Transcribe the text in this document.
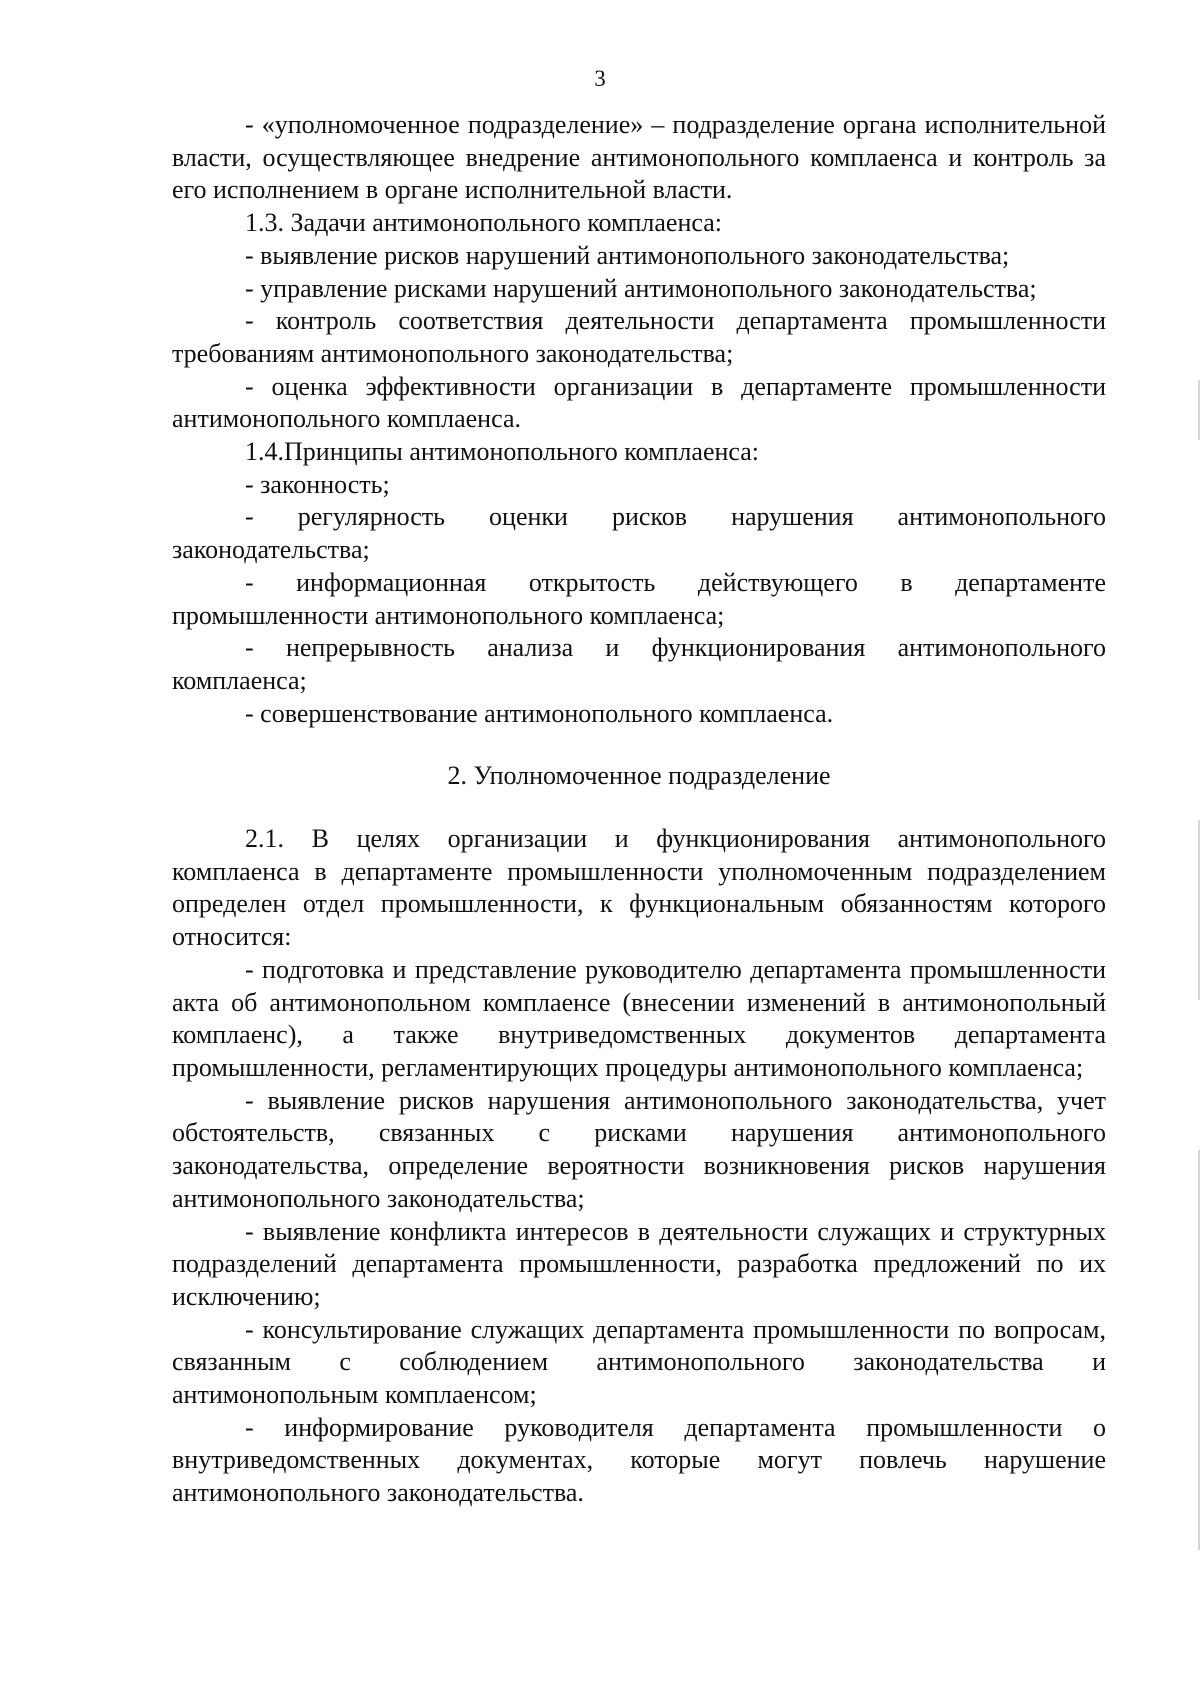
3

- «уполномоченное подразделение» – подразделение органа исполнительной власти, осуществляющее внедрение антимонопольного комплаенса и контроль за его исполнением в органе исполнительной власти.

1.3. Задачи антимонопольного комплаенса:

- выявление рисков нарушений антимонопольного законодательства;

- управление рисками нарушений антимонопольного законодательства;

- контроль соответствия деятельности департамента промышленности требованиям антимонопольного законодательства;

- оценка эффективности организации в департаменте промышленности антимонопольного комплаенса.

1.4.Принципы антимонопольного комплаенса:

- законность;

- регулярность оценки рисков нарушения антимонопольного законодательства;

- информационная открытость действующего в департаменте промышленности антимонопольного комплаенса;

- непрерывность анализа и функционирования антимонопольного комплаенса;

- совершенствование антимонопольного комплаенса.

2. Уполномоченное подразделение

2.1. В целях организации и функционирования антимонопольного комплаенса в департаменте промышленности уполномоченным подразделением определен отдел промышленности, к функциональным обязанностям которого относится:

- подготовка и представление руководителю департамента промышленности акта об антимонопольном комплаенсе (внесении изменений в антимонопольный комплаенс), а также внутриведомственных документов департамента промышленности, регламентирующих процедуры антимонопольного комплаенса;

- выявление рисков нарушения антимонопольного законодательства, учет обстоятельств, связанных с рисками нарушения антимонопольного законодательства, определение вероятности возникновения рисков нарушения антимонопольного законодательства;

- выявление конфликта интересов в деятельности служащих и структурных подразделений департамента промышленности, разработка предложений по их исключению;

- консультирование служащих департамента промышленности по вопросам, связанным с соблюдением антимонопольного законодательства и антимонопольным комплаенсом;

- информирование руководителя департамента промышленности о внутриведомственных документах, которые могут повлечь нарушение антимонопольного законодательства.
